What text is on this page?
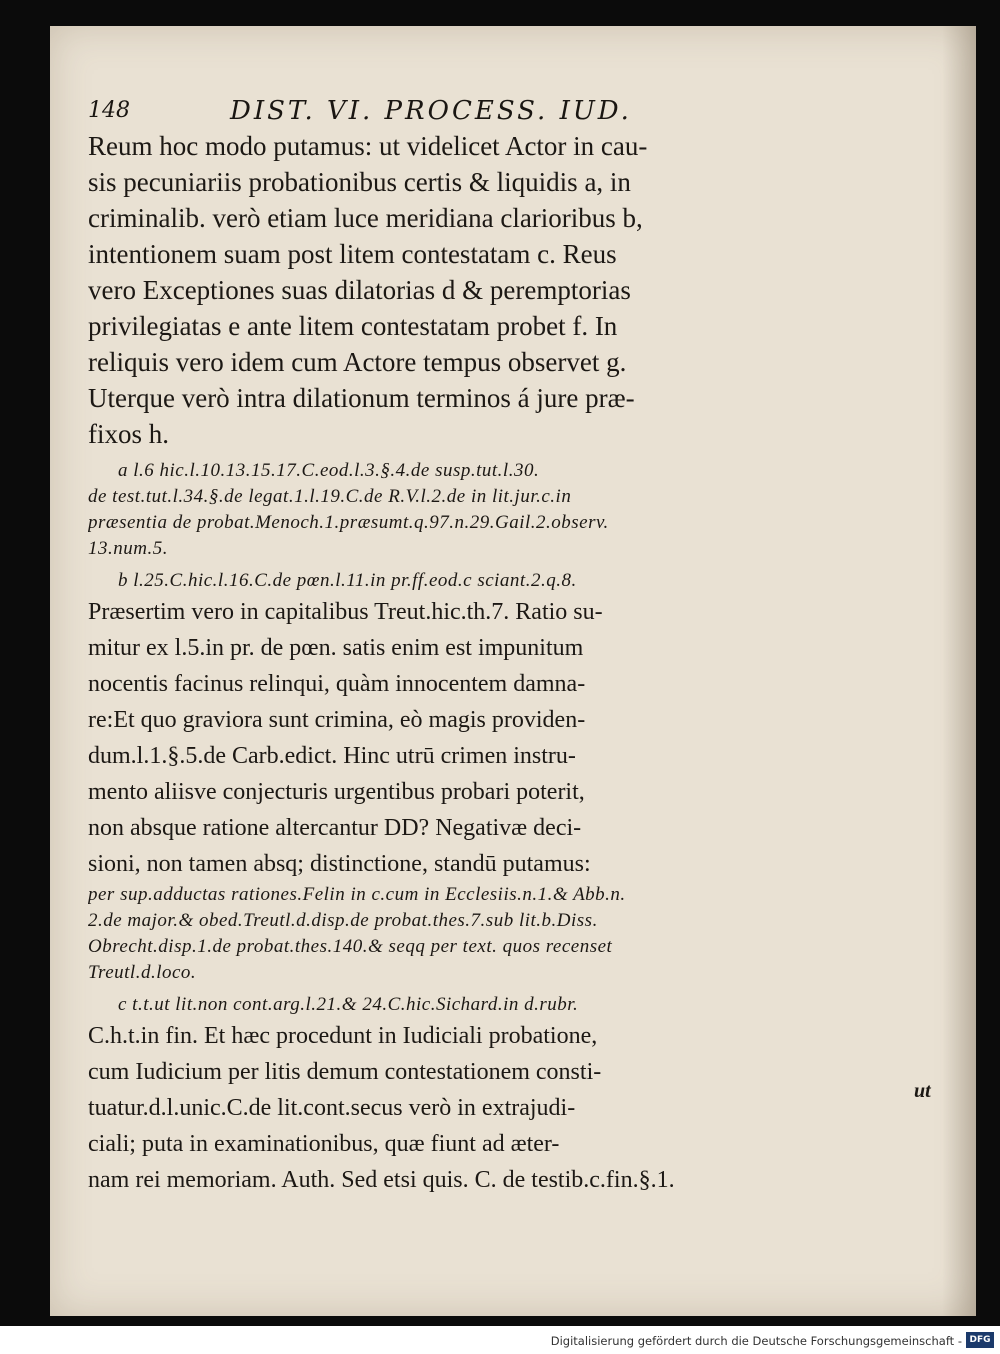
148	DIST. VI. PROCESS. IUD.
Reum hoc modo putamus: ut videlicet Actor in cau-
sis pecuniariis probationibus certis & liquidis a, in
criminalib. verò etiam luce meridiana clarioribus b,
intentionem suam post litem contestatam c. Reus
vero Exceptiones suas dilatorias d & peremptorias
privilegiatas e ante litem contestatam probet f. In
reliquis vero idem cum Actore tempus observet g.
Uterque verò intra dilationum terminos á jure præ-
fixos h.
a l.6 hic.l.10.13.15.17.C.eod.l.3.§.4.de susp.tut.l.30.
de test.tut.l.34.§.de legat.1.l.19.C.de R.V.l.2.de in lit.jur.c.in
præsentia de probat.Menoch.1.præsumt.q.97.n.29.Gail.2.observ.
13.num.5.
b l.25.C.hic.l.16.C.de pœn.l.11.in pr.ff.eod.c sciant.2.q.8.
Præsertim vero in capitalibus Treut.hic.th.7. Ratio su-
mitur ex l.5.in pr. de pœn. satis enim est impunitum
nocentis facinus relinqui, quàm innocentem damna-
re:Et quo graviora sunt crimina, eò magis providen-
dum.l.1.§.5.de Carb.edict. Hinc utrū crimen instru-
mento aliisve conjecturis urgentibus probari poterit,
non absque ratione altercantur DD? Negativæ deci-
sioni, non tamen absq; distinctione, standū putamus:
per sup.adductas rationes.Felin in c.cum in Ecclesiis.n.1.& Abb.n.
2.de major.& obed.Treutl.d.disp.de probat.thes.7.sub lit.b.Diss.
Obrecht.disp.1.de probat.thes.140.& seqq per text. quos recenset
Treutl.d.loco.
c t.t.ut lit.non cont.arg.l.21.& 24.C.hic.Sichard.in d.rubr.
C.h.t.in fin. Et hæc procedunt in Iudiciali probatione,
cum Iudicium per litis demum contestationem consti-
tuatur.d.l.unic.C.de lit.cont.secus verò in extrajudi-
ciali; puta in examinationibus, quæ fiunt ad æter-
nam rei memoriam. Auth. Sed etsi quis. C. de testib.c.fin.§.1.
ut
Digitalisierung gefördert durch die Deutsche Forschungsgemeinschaft - DFG
